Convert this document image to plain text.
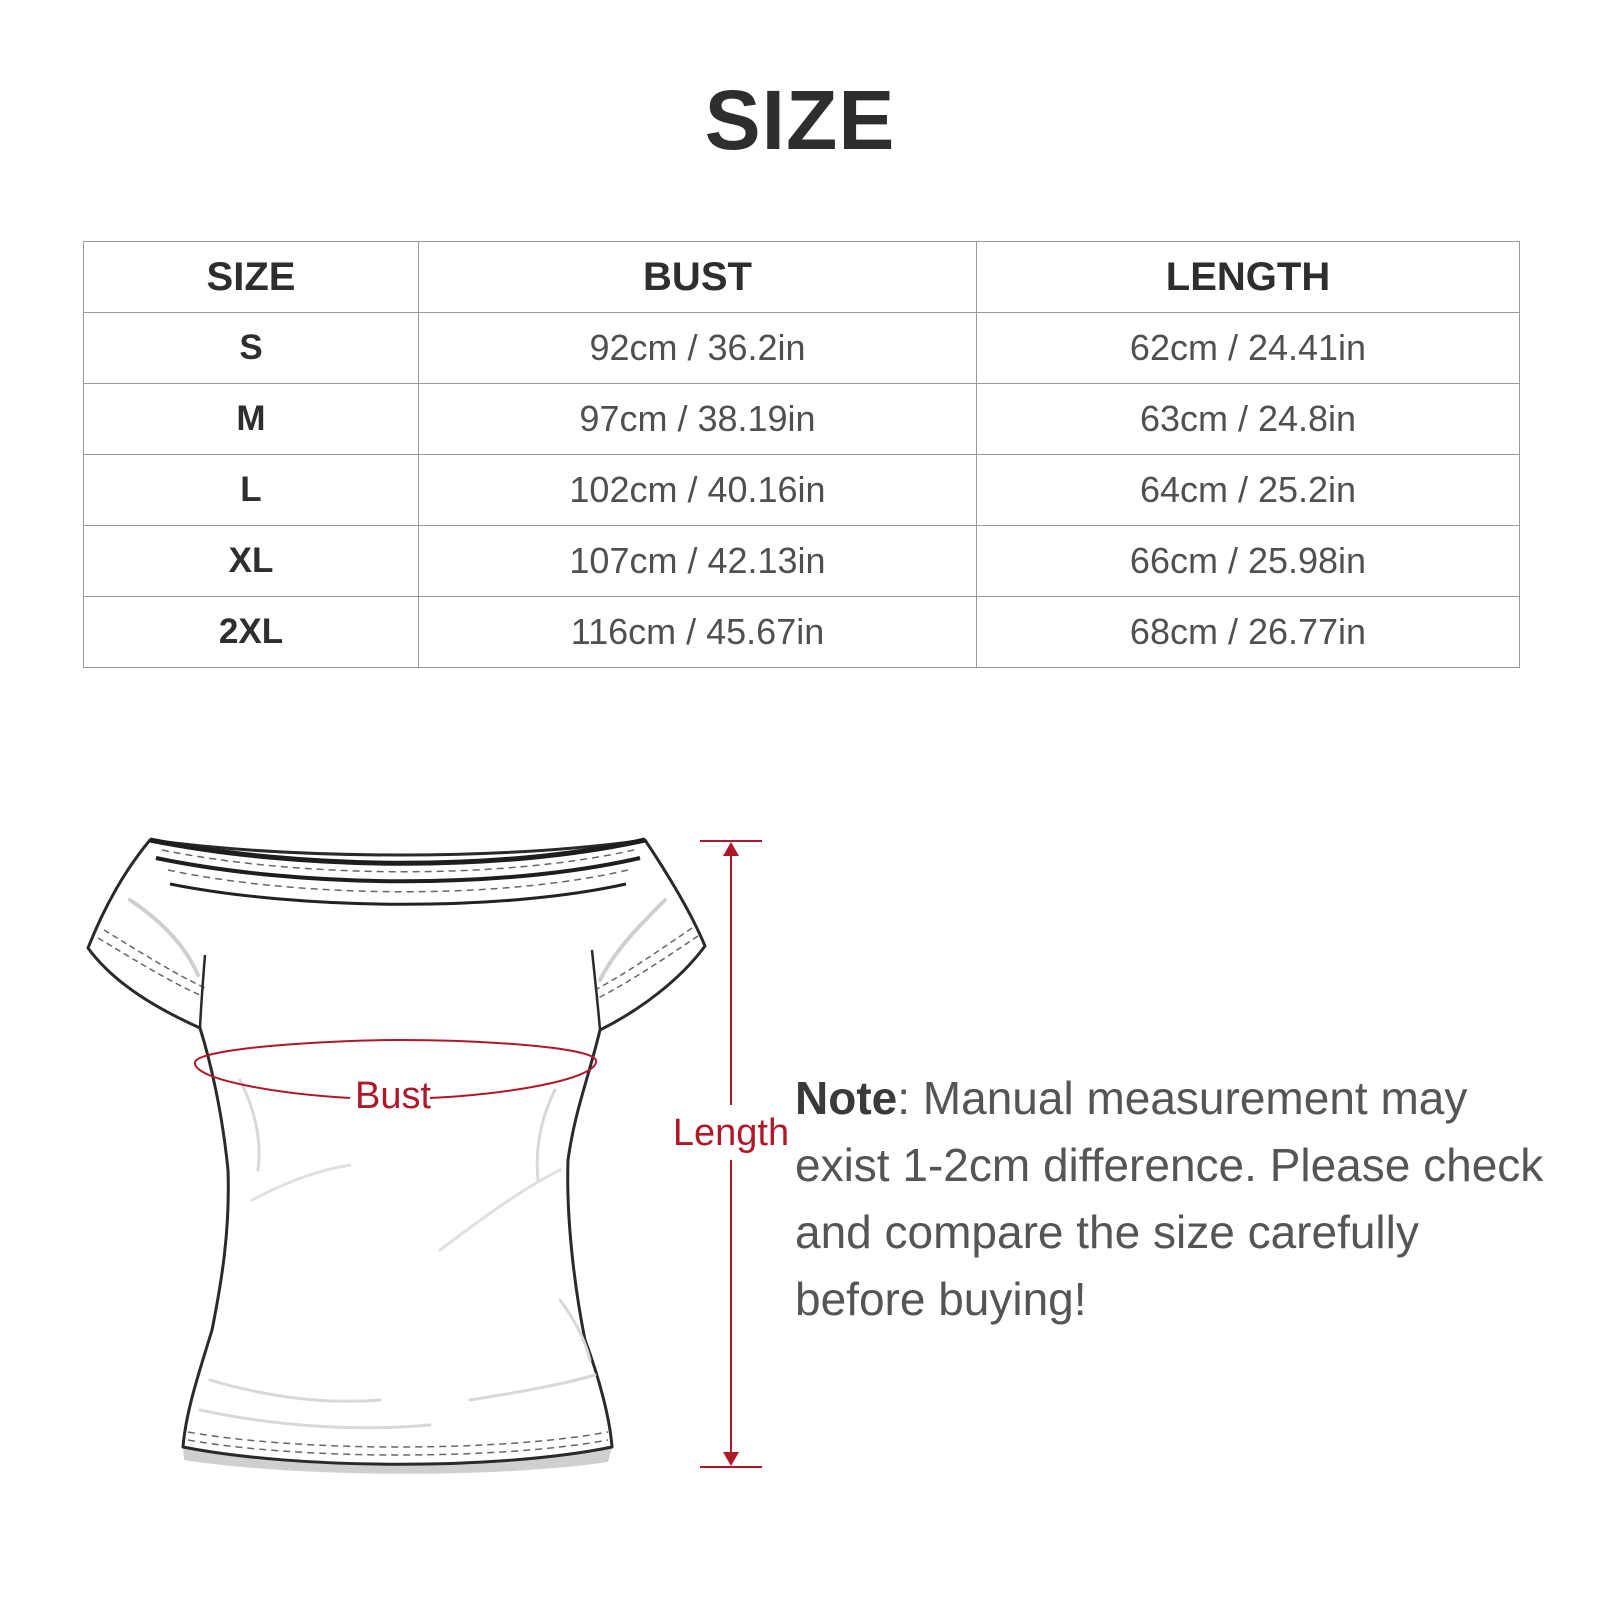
SIZE
SIZE	BUST	LENGTH
S	92cm / 36.2in	62cm / 24.41in
M	97cm / 38.19in	63cm / 24.8in
L	102cm / 40.16in	64cm / 25.2in
XL	107cm / 42.13in	66cm / 25.98in
2XL	116cm / 45.67in	68cm / 26.77in
Bust
Length
Note: Manual measurement may exist 1-2cm difference. Please check and compare the size carefully before buying!
